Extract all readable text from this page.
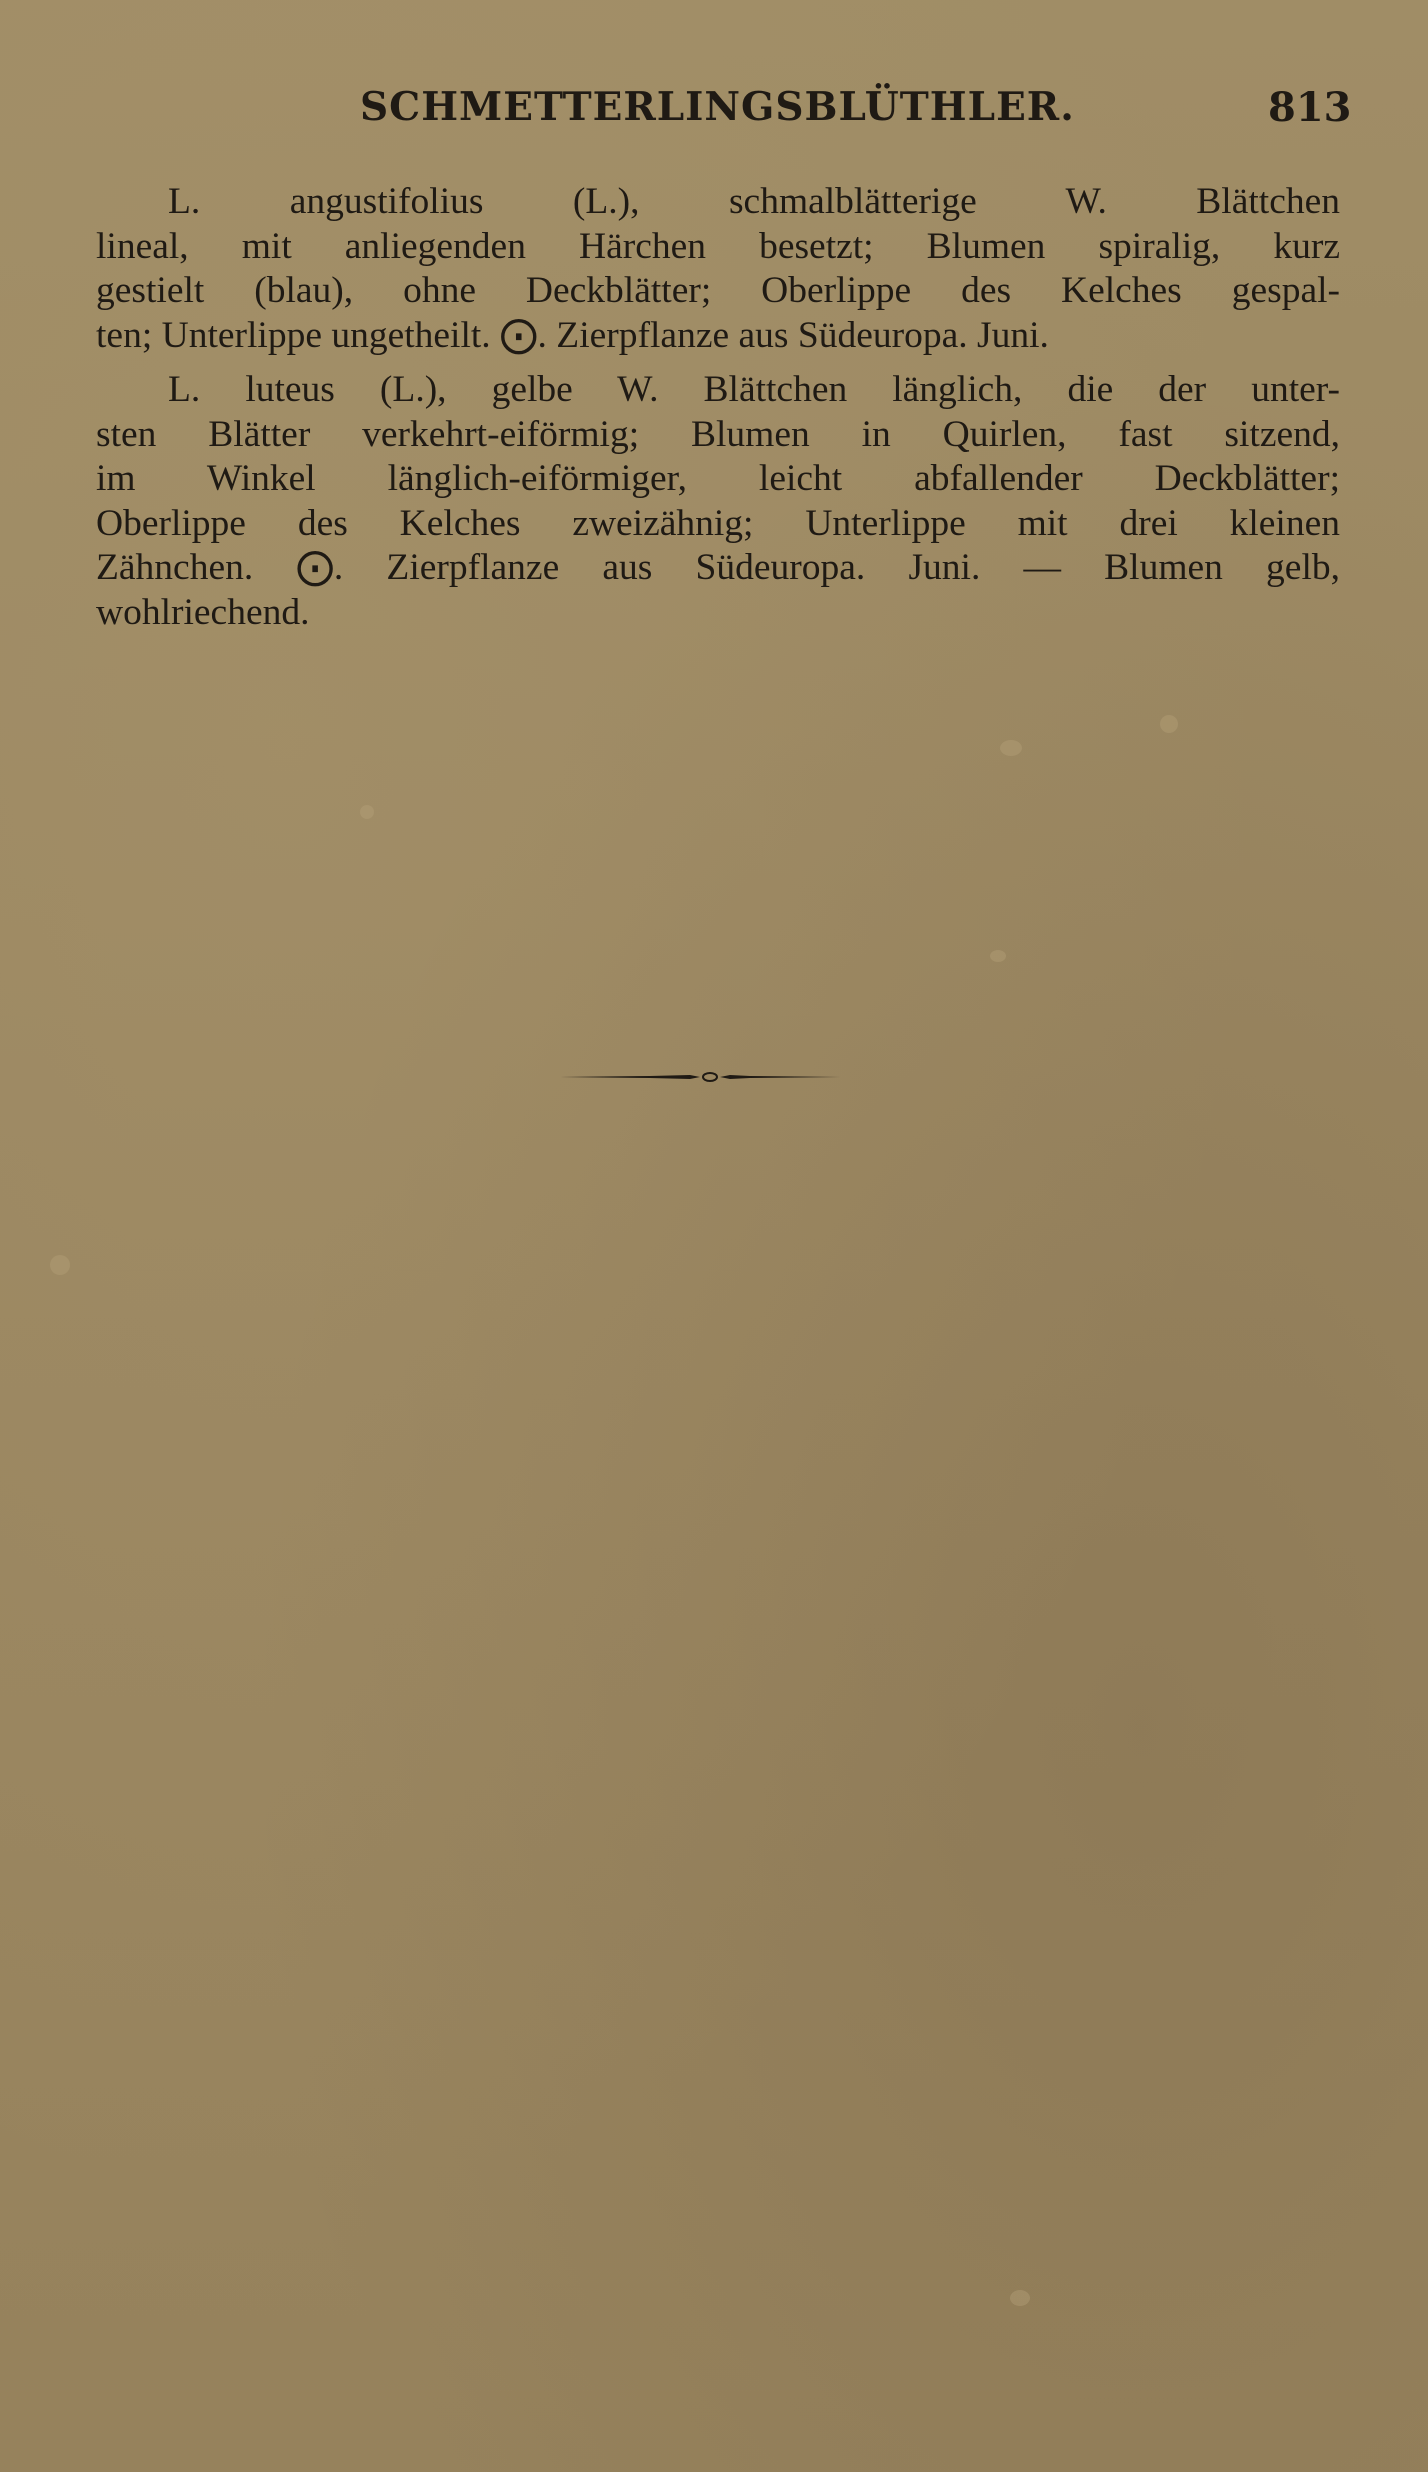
SCHMETTERLINGSBLÜTHLER.	813
L. angustifolius (L.), schmalblätterige W. Blättchen
lineal, mit anliegenden Härchen besetzt; Blumen spiralig, kurz
gestielt (blau), ohne Deckblätter; Oberlippe des Kelches gespal-
ten; Unterlippe ungetheilt. ⨀. Zierpflanze aus Südeuropa. Juni.
L. luteus (L.), gelbe W. Blättchen länglich, die der unter-
sten Blätter verkehrt-eiförmig; Blumen in Quirlen, fast sitzend,
im Winkel länglich-eiförmiger, leicht abfallender Deckblätter;
Oberlippe des Kelches zweizähnig; Unterlippe mit drei kleinen
Zähnchen. ⨀. Zierpflanze aus Südeuropa. Juni. — Blumen gelb,
wohlriechend.
